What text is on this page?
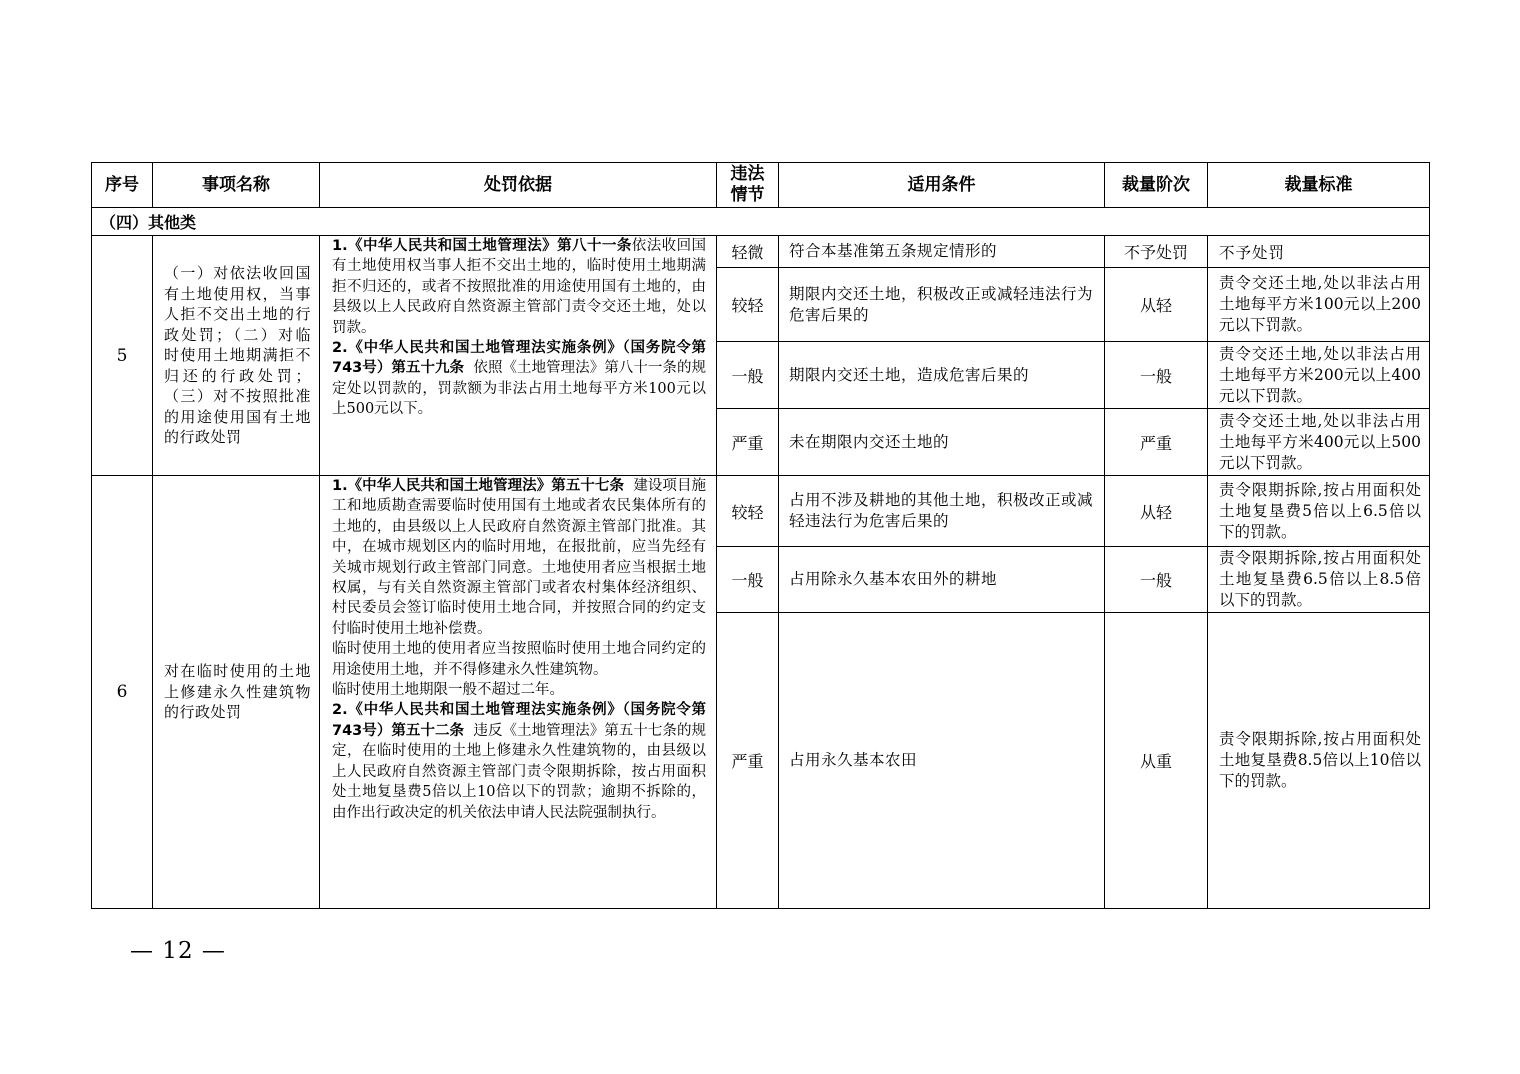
序号	事项名称	处罚依据	违法情节	适用条件	裁量阶次	裁量标准
（四）其他类						
5	（一）对依法收回国有土地使用权，当事人拒不交出土地的行政处罚；（二）对临时使用土地期满拒不归还的行政处罚；（三）对不按照批准的用途使用国有土地的行政处罚	1.《中华人民共和国土地管理法》第八十一条依法收回国有土地使用权当事人拒不交出土地的，临时使用土地期满拒不归还的，或者不按照批准的用途使用国有土地的，由县级以上人民政府自然资源主管部门责令交还土地，处以罚款。
2.《中华人民共和国土地管理法实施条例》（国务院令第743号）第五十九条 依照《土地管理法》第八十一条的规定处以罚款的，罚款额为非法占用土地每平方米100元以上500元以下。	轻微	符合本基准第五条规定情形的	不予处罚	不予处罚
			较轻	期限内交还土地，积极改正或减轻违法行为危害后果的	从轻	责令交还土地,处以非法占用土地每平方米100元以上200元以下罚款。
			一般	期限内交还土地，造成危害后果的	一般	责令交还土地,处以非法占用土地每平方米200元以上400元以下罚款。
			严重	未在期限内交还土地的	严重	责令交还土地,处以非法占用土地每平方米400元以上500元以下罚款。
6	对在临时使用的土地上修建永久性建筑物的行政处罚	1.《中华人民共和国土地管理法》第五十七条 建设项目施工和地质勘查需要临时使用国有土地或者农民集体所有的土地的，由县级以上人民政府自然资源主管部门批准。其中，在城市规划区内的临时用地，在报批前，应当先经有关城市规划行政主管部门同意。土地使用者应当根据土地权属，与有关自然资源主管部门或者农村集体经济组织、村民委员会签订临时使用土地合同，并按照合同的约定支付临时使用土地补偿费。
临时使用土地的使用者应当按照临时使用土地合同约定的用途使用土地，并不得修建永久性建筑物。
临时使用土地期限一般不超过二年。
2.《中华人民共和国土地管理法实施条例》（国务院令第743号）第五十二条 违反《土地管理法》第五十七条的规定，在临时使用的土地上修建永久性建筑物的，由县级以上人民政府自然资源主管部门责令限期拆除，按占用面积处土地复垦费5倍以上10倍以下的罚款；逾期不拆除的，由作出行政决定的机关依法申请人民法院强制执行。	较轻	占用不涉及耕地的其他土地，积极改正或减轻违法行为危害后果的	从轻	责令限期拆除,按占用面积处土地复垦费5倍以上6.5倍以下的罚款。
			一般	占用除永久基本农田外的耕地	一般	责令限期拆除,按占用面积处土地复垦费6.5倍以上8.5倍以下的罚款。
			严重	占用永久基本农田	从重	责令限期拆除,按占用面积处土地复垦费8.5倍以上10倍以下的罚款。
— 12 —
